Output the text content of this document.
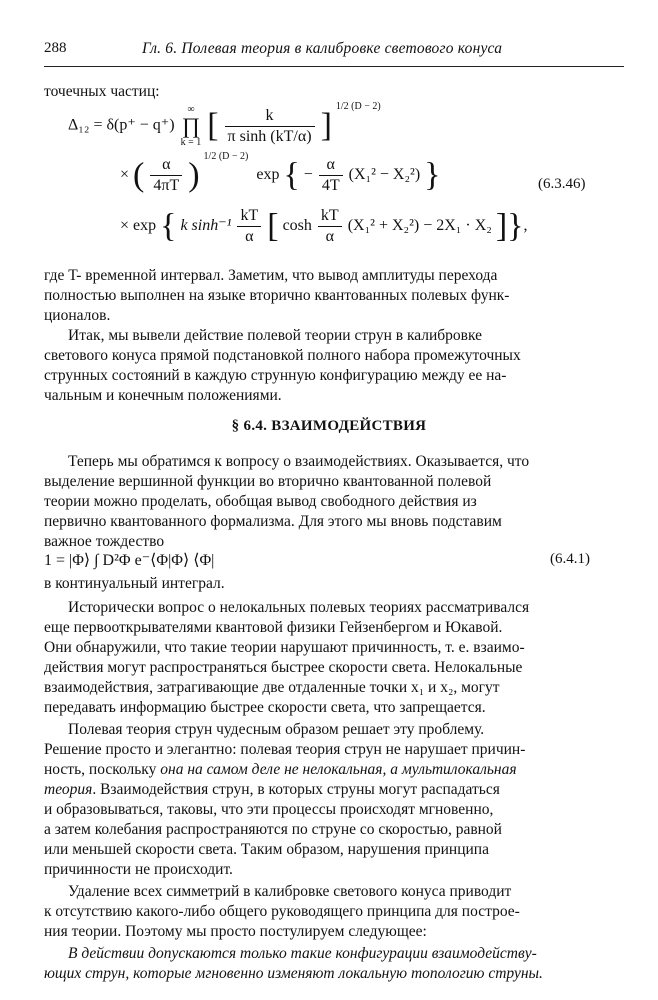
288	Гл. 6. Полевая теория в калибровке светового конуса
точечных частиц:
Δ₁₂ = δ(p⁺ − q⁺)
∞
∏
k = 1 [ $\frac{k}{\text{π sinh (kT/α)}}$ ] $^{1/2 (D - 2)}$
× ( $\frac{\alpha}{4\pi T}$ ) $^{1/2 (D - 2)}$  exp { − $\frac{\alpha}{4T} (X_1^2 - X_2^2)$ }	(6.3.46)
× exp { k $\sinh^{-1} \frac{kT}{\alpha}$ [ $\cosh \frac{kT}{\alpha} (X_1^2 + X_2^2) - 2X_1 \cdot X_2$ ]},
где T- временной интервал. Заметим, что вывод амплитуды перехода
полностью выполнен на языке вторично квантованных полевых функ-
ционалов.
Итак, мы вывели действие полевой теории струн в калибровке
светового конуса прямой подстановкой полного набора промежуточных
струнных состояний в каждую струнную конфигурацию между ее на-
чальным и конечным положениями.
§ 6.4. ВЗАИМОДЕЙСТВИЯ
Теперь мы обратимся к вопросу о взаимодействиях. Оказывается, что
выделение вершинной функции во вторично квантованной полевой
теории можно проделать, обобщая вывод свободного действия из
первично квантованного формализма. Для этого мы вновь подставим
важное тождество
1 = |Φ⟩ ∫ D²Φ e⁻⟨Φ|Φ⟩ ⟨Φ|	(6.4.1)
в континуальный интеграл.
Исторически вопрос о нелокальных полевых теориях рассматривался
еще первооткрывателями квантовой физики Гейзенбергом и Юкавой.
Они обнаружили, что такие теории нарушают причинность, т. е. взаимо-
действия могут распространяться быстрее скорости света. Нелокальные
взаимодействия, затрагивающие две отдаленные точки x₁ и x₂, могут
передавать информацию быстрее скорости света, что запрещается.
Полевая теория струн чудесным образом решает эту проблему.
Решение просто и элегантно: полевая теория струн не нарушает причин-
ность, поскольку она на самом деле не нелокальная, а мультилокальная
теория. Взаимодействия струн, в которых струны могут распадаться
и образовываться, таковы, что эти процессы происходят мгновенно,
а затем колебания распространяются по струне со скоростью, равной
или меньшей скорости света. Таким образом, нарушения принципа
причинности не происходит.
Удаление всех симметрий в калибровке светового конуса приводит
к отсутствию какого-либо общего руководящего принципа для построе-
ния теории. Поэтому мы просто постулируем следующее:
В действии допускаются только такие конфигурации взаимодейству-
ющих струн, которые мгновенно изменяют локальную топологию струны.
